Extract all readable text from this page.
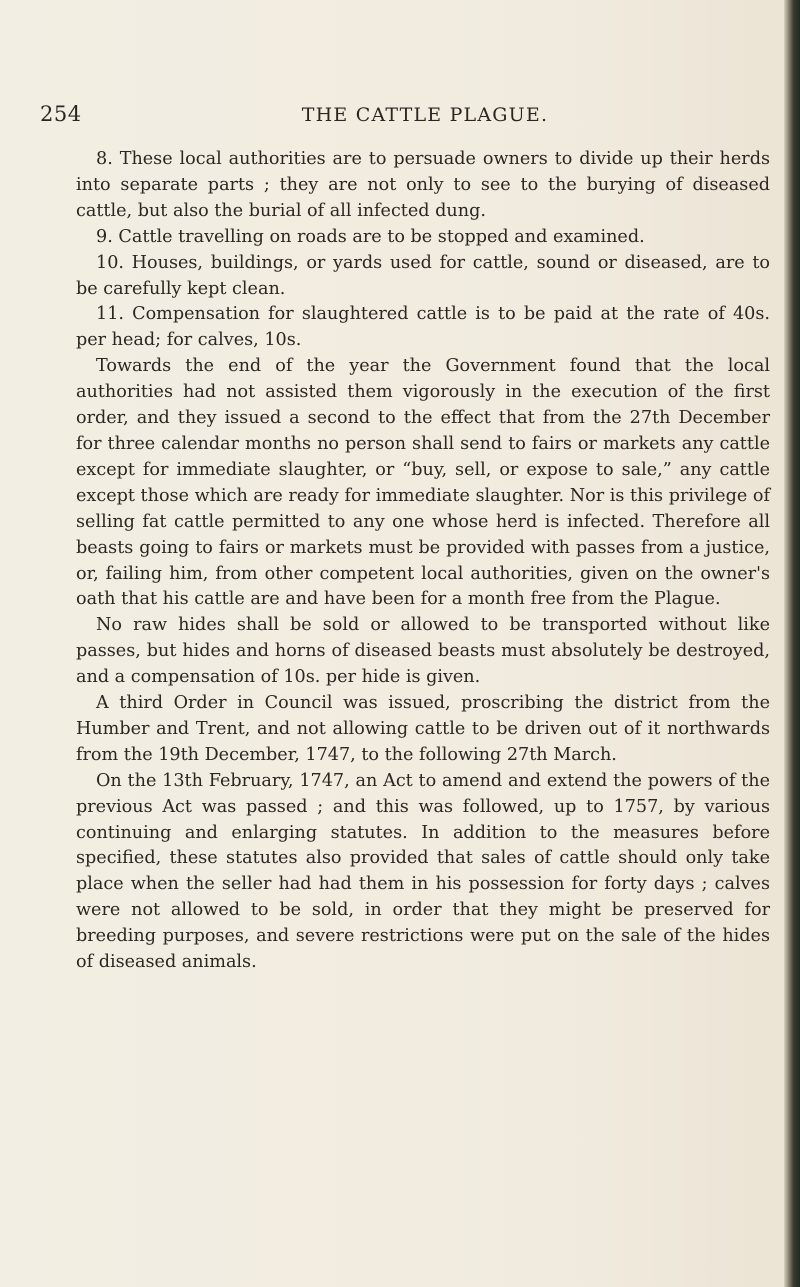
254	THE CATTLE PLAGUE.

8. These local authorities are to persuade owners to divide up their herds into separate parts ; they are not only to see to the burying of diseased cattle, but also the burial of all infected dung.

9. Cattle travelling on roads are to be stopped and examined.

10. Houses, buildings, or yards used for cattle, sound or diseased, are to be carefully kept clean.

11. Compensation for slaughtered cattle is to be paid at the rate of 40s. per head; for calves, 10s.

Towards the end of the year the Government found that the local authorities had not assisted them vigorously in the execution of the first order, and they issued a second to the effect that from the 27th December for three calendar months no person shall send to fairs or markets any cattle except for immediate slaughter, or “buy, sell, or expose to sale,” any cattle except those which are ready for immediate slaughter. Nor is this privilege of selling fat cattle permitted to any one whose herd is infected. Therefore all beasts going to fairs or markets must be provided with passes from a justice, or, failing him, from other competent local authorities, given on the owner's oath that his cattle are and have been for a month free from the Plague.

No raw hides shall be sold or allowed to be transported without like passes, but hides and horns of diseased beasts must absolutely be destroyed, and a compensation of 10s. per hide is given.

A third Order in Council was issued, proscribing the district from the Humber and Trent, and not allowing cattle to be driven out of it northwards from the 19th December, 1747, to the following 27th March.

On the 13th February, 1747, an Act to amend and extend the powers of the previous Act was passed ; and this was followed, up to 1757, by various continuing and enlarging statutes. In addition to the measures before specified, these statutes also provided that sales of cattle should only take place when the seller had had them in his possession for forty days ; calves were not allowed to be sold, in order that they might be preserved for breeding purposes, and severe restrictions were put on the sale of the hides of diseased animals.
